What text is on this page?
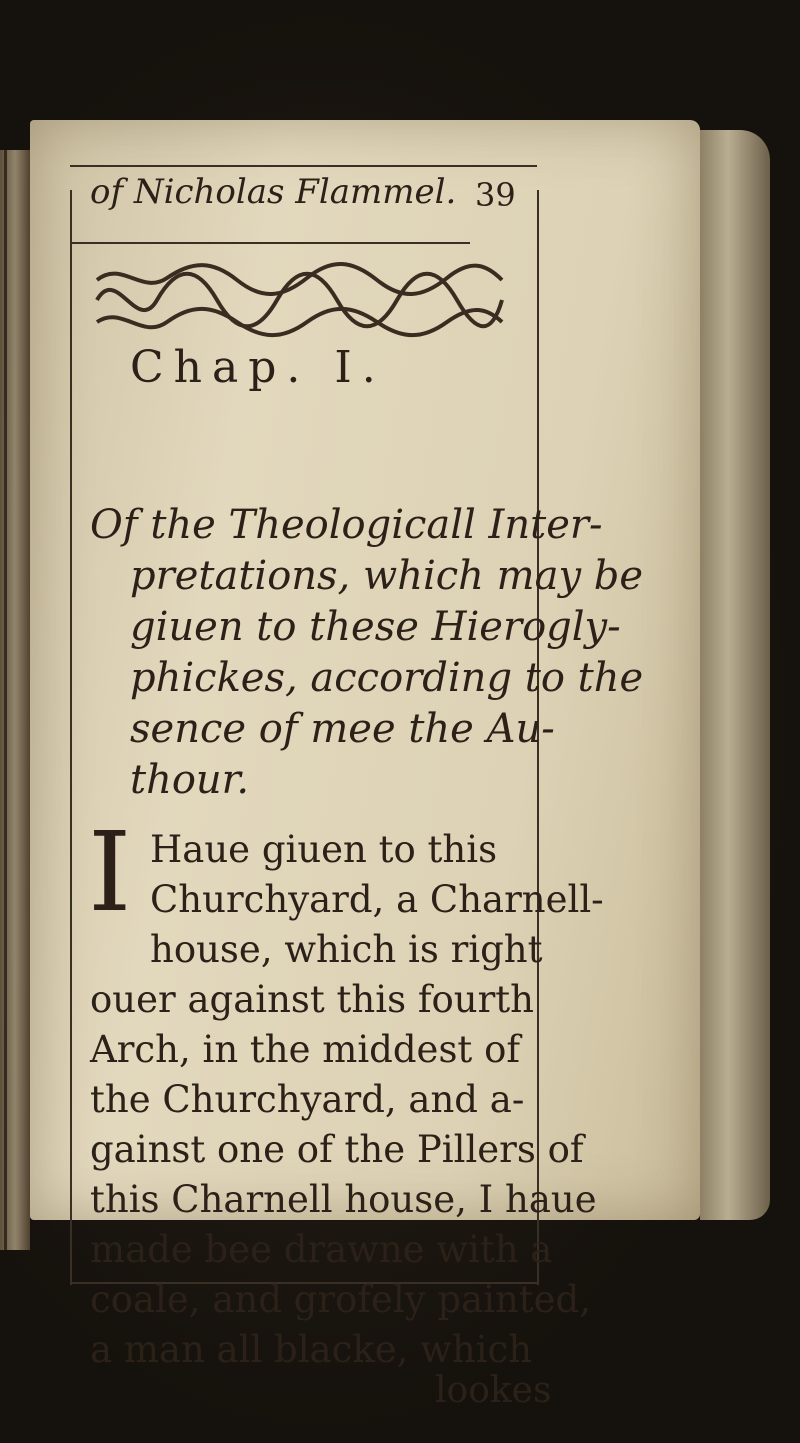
of Nicholas Flammel. 39
Chap. I.
Of the Theologicall Inter-
pretations, which may be
giuen to these Hierogly-
phickes, according to the
sence of mee the Au-
thour.
I Haue giuen to this
Churchyard, a Charnell-
house, which is right
ouer against this fourth
Arch, in the middest of
the Churchyard, and a-
gainst one of the Pillers of
this Charnell house, I haue
made bee drawne with a
coale, and grofely painted,
a man all blacke, which
lookes
